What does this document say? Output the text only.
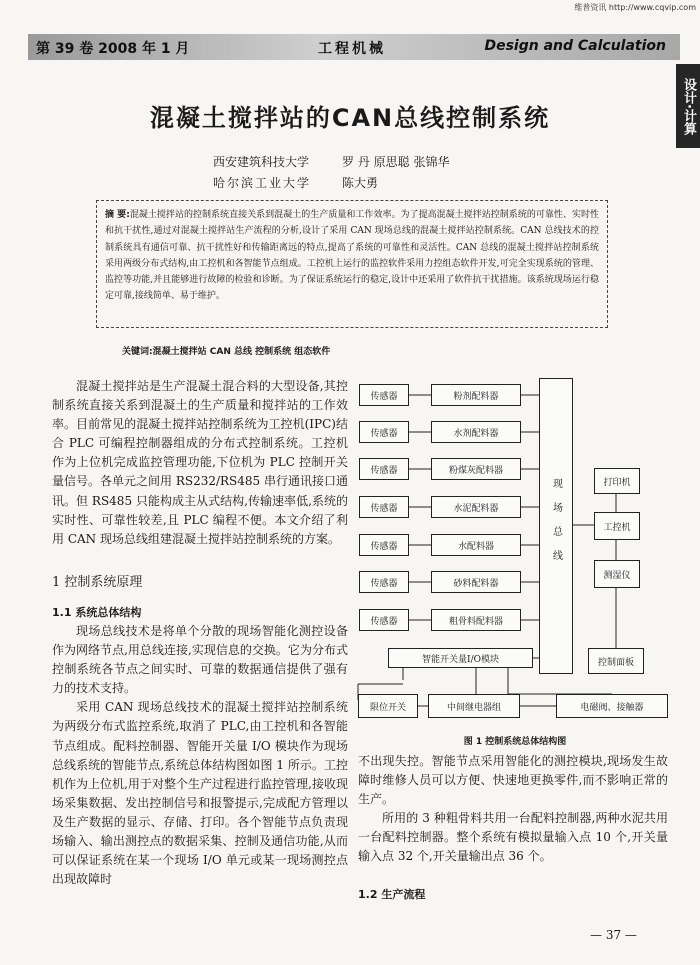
维普资讯 http://www.cqvip.com
第 39 卷 2008 年 1 月	工程机械	Design and Calculation
设计·计算
混凝土搅拌站的CAN总线控制系统
西安建筑科技大学	罗 丹 原思聪 张锦华
哈尔滨工业大学	陈大勇
摘 要:混凝土搅拌站的控制系统直接关系到混凝土的生产质量和工作效率。为了提高混凝土搅拌站控制系统的可靠性、实时性和抗干扰性,通过对混凝土搅拌站生产流程的分析,设计了采用 CAN 现场总线的混凝土搅拌站控制系统。CAN 总线技术的控制系统具有通信可靠、抗干扰性好和传输距离远的特点,提高了系统的可靠性和灵活性。CAN 总线的混凝土搅拌站控制系统采用两级分布式结构,由工控机和各智能节点组成。工控机上运行的监控软件采用力控组态软件开发,可完全实现系统的管理、监控等功能,并且能够进行故障的检验和诊断。为了保证系统运行的稳定,设计中还采用了软件抗干扰措施。该系统现场运行稳定可靠,接线简单、易于维护。
关键词:混凝土搅拌站 CAN 总线 控制系统 组态软件

混凝土搅拌站是生产混凝土混合料的大型设备,其控制系统直接关系到混凝土的生产质量和搅拌站的工作效率。目前常见的混凝土搅拌站控制系统为工控机(IPC)结合 PLC 可编程控制器组成的分布式控制系统。工控机作为上位机完成监控管理功能,下位机为 PLC 控制开关量信号。各单元之间用 RS232/RS485 串行通讯接口通讯。但 RS485 只能构成主从式结构,传输速率低,系统的实时性、可靠性较差,且 PLC 编程不便。本文介绍了利用 CAN 现场总线组建混凝土搅拌站控制系统的方案。

1 控制系统原理
1.1 系统总体结构

现场总线技术是将单个分散的现场智能化测控设备作为网络节点,用总线连接,实现信息的交换。它为分布式控制系统各节点之间实时、可靠的数据通信提供了强有力的技术支持。

采用 CAN 现场总线技术的混凝土搅拌站控制系统为两级分布式监控系统,取消了 PLC,由工控机和各智能节点组成。配料控制器、智能开关量 I/O 模块作为现场总线系统的智能节点,系统总体结构图如图 1 所示。工控机作为上位机,用于对整个生产过程进行监控管理,接收现场采集数据、发出控制信号和报警提示,完成配方管理以及生产数据的显示、存储、打印。各个智能节点负责现场输入、输出测控点的数据采集、控制及通信功能,从而可以保证系统在某一个现场 I/O 单元或某一现场测控点出现故障时

传感器
传感器
传感器
传感器
传感器
传感器
传感器
粉剂配料器
水剂配料器
粉煤灰配料器
水泥配料器
水配料器
砂料配料器
粗骨料配料器
现场总线	打印机
工控机
测湿仪
智能开关量I/O模块	控制面板
限位开关	中间继电器组	电磁阀、接触器
图 1 控制系统总体结构图

不出现失控。智能节点采用智能化的测控模块,现场发生故障时维修人员可以方便、快速地更换零件,而不影响正常的生产。

所用的 3 种粗骨料共用一台配料控制器,两种水泥共用一台配料控制器。整个系统有模拟量输入点 10 个,开关量输入点 32 个,开关量输出点 36 个。

1.2 生产流程
— 37 —
